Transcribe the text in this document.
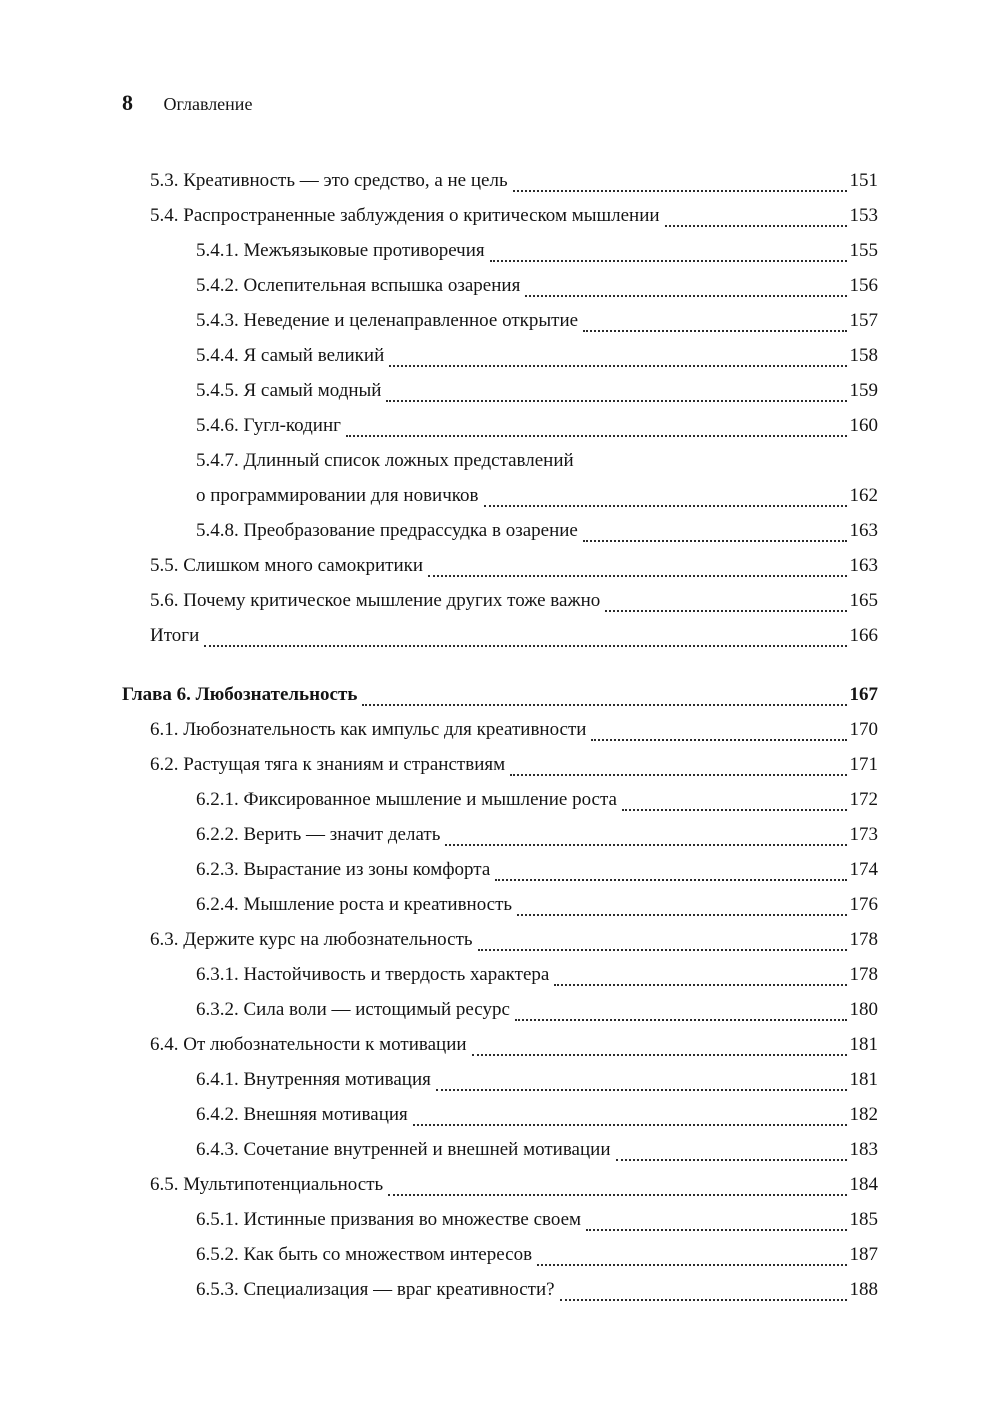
8 Оглавление
5.3. Креативность — это средство, а не цель	151
5.4. Распространенные заблуждения о критическом мышлении	153
5.4.1. Межъязыковые противоречия	155
5.4.2. Ослепительная вспышка озарения	156
5.4.3. Неведение и целенаправленное открытие	157
5.4.4. Я самый великий	158
5.4.5. Я самый модный	159
5.4.6. Гугл-кодинг	160
5.4.7. Длинный список ложных представлений
о программировании для новичков	162
5.4.8. Преобразование предрассудка в озарение	163
5.5. Слишком много самокритики	163
5.6. Почему критическое мышление других тоже важно	165
Итоги	166
Глава 6. Любознательность	167
6.1. Любознательность как импульс для креативности	170
6.2. Растущая тяга к знаниям и странствиям	171
6.2.1. Фиксированное мышление и мышление роста	172
6.2.2. Верить — значит делать	173
6.2.3. Вырастание из зоны комфорта	174
6.2.4. Мышление роста и креативность	176
6.3. Держите курс на любознательность	178
6.3.1. Настойчивость и твердость характера	178
6.3.2. Сила воли — истощимый ресурс	180
6.4. От любознательности к мотивации	181
6.4.1. Внутренняя мотивация	181
6.4.2. Внешняя мотивация	182
6.4.3. Сочетание внутренней и внешней мотивации	183
6.5. Мультипотенциальность	184
6.5.1. Истинные призвания во множестве своем	185
6.5.2. Как быть со множеством интересов	187
6.5.3. Специализация — враг креативности?	188
